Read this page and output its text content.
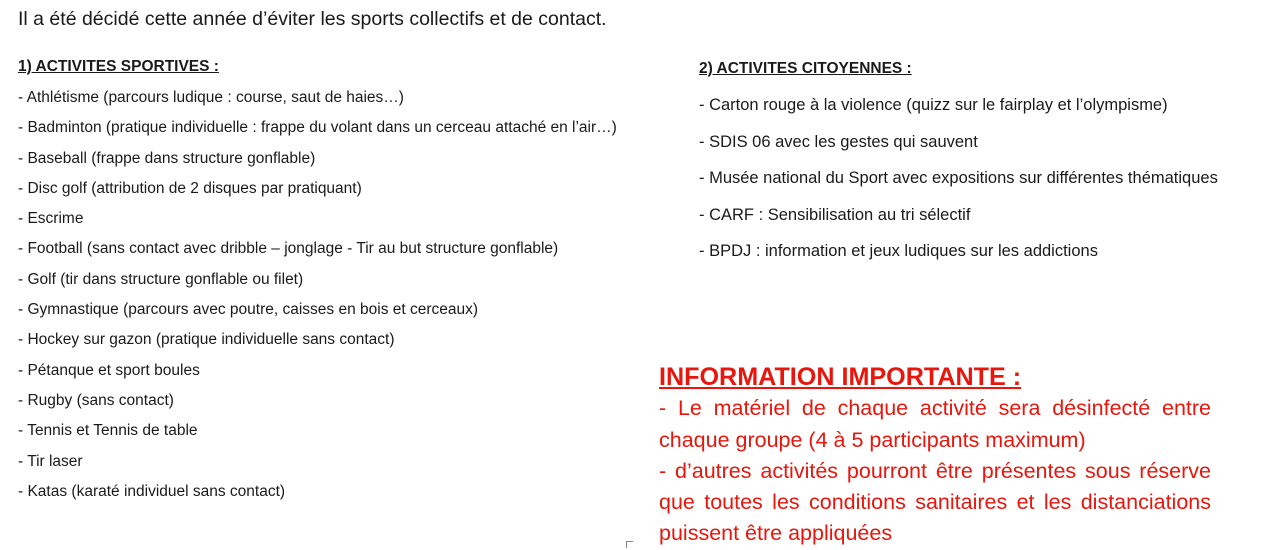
Il a été décidé cette année d’éviter les sports collectifs et de contact.
1) ACTIVITES SPORTIVES :
- Athlétisme (parcours ludique : course, saut de haies…)
- Badminton (pratique individuelle : frappe du volant dans un cerceau attaché en l’air…)
- Baseball (frappe dans structure gonflable)
- Disc golf (attribution de 2 disques par pratiquant)
- Escrime
- Football (sans contact avec dribble – jonglage - Tir au but structure gonflable)
- Golf (tir dans structure gonflable ou filet)
- Gymnastique (parcours avec poutre, caisses en bois et cerceaux)
- Hockey sur gazon (pratique individuelle sans contact)
- Pétanque et sport boules
- Rugby (sans contact)
- Tennis et Tennis de table
- Tir laser
- Katas (karaté individuel sans contact)
2) ACTIVITES CITOYENNES :
- Carton rouge à la violence (quizz sur le fairplay et l’olympisme)
- SDIS 06 avec les gestes qui sauvent
- Musée national du Sport avec expositions sur différentes thématiques
- CARF : Sensibilisation au tri sélectif
- BPDJ : information et jeux ludiques sur les addictions
INFORMATION IMPORTANTE :

- Le matériel de chaque activité sera désinfecté entre chaque groupe (4 à 5 participants maximum)

- d’autres activités pourront être présentes sous réserve que toutes les conditions sanitaires et les distanciations puissent être appliquées
